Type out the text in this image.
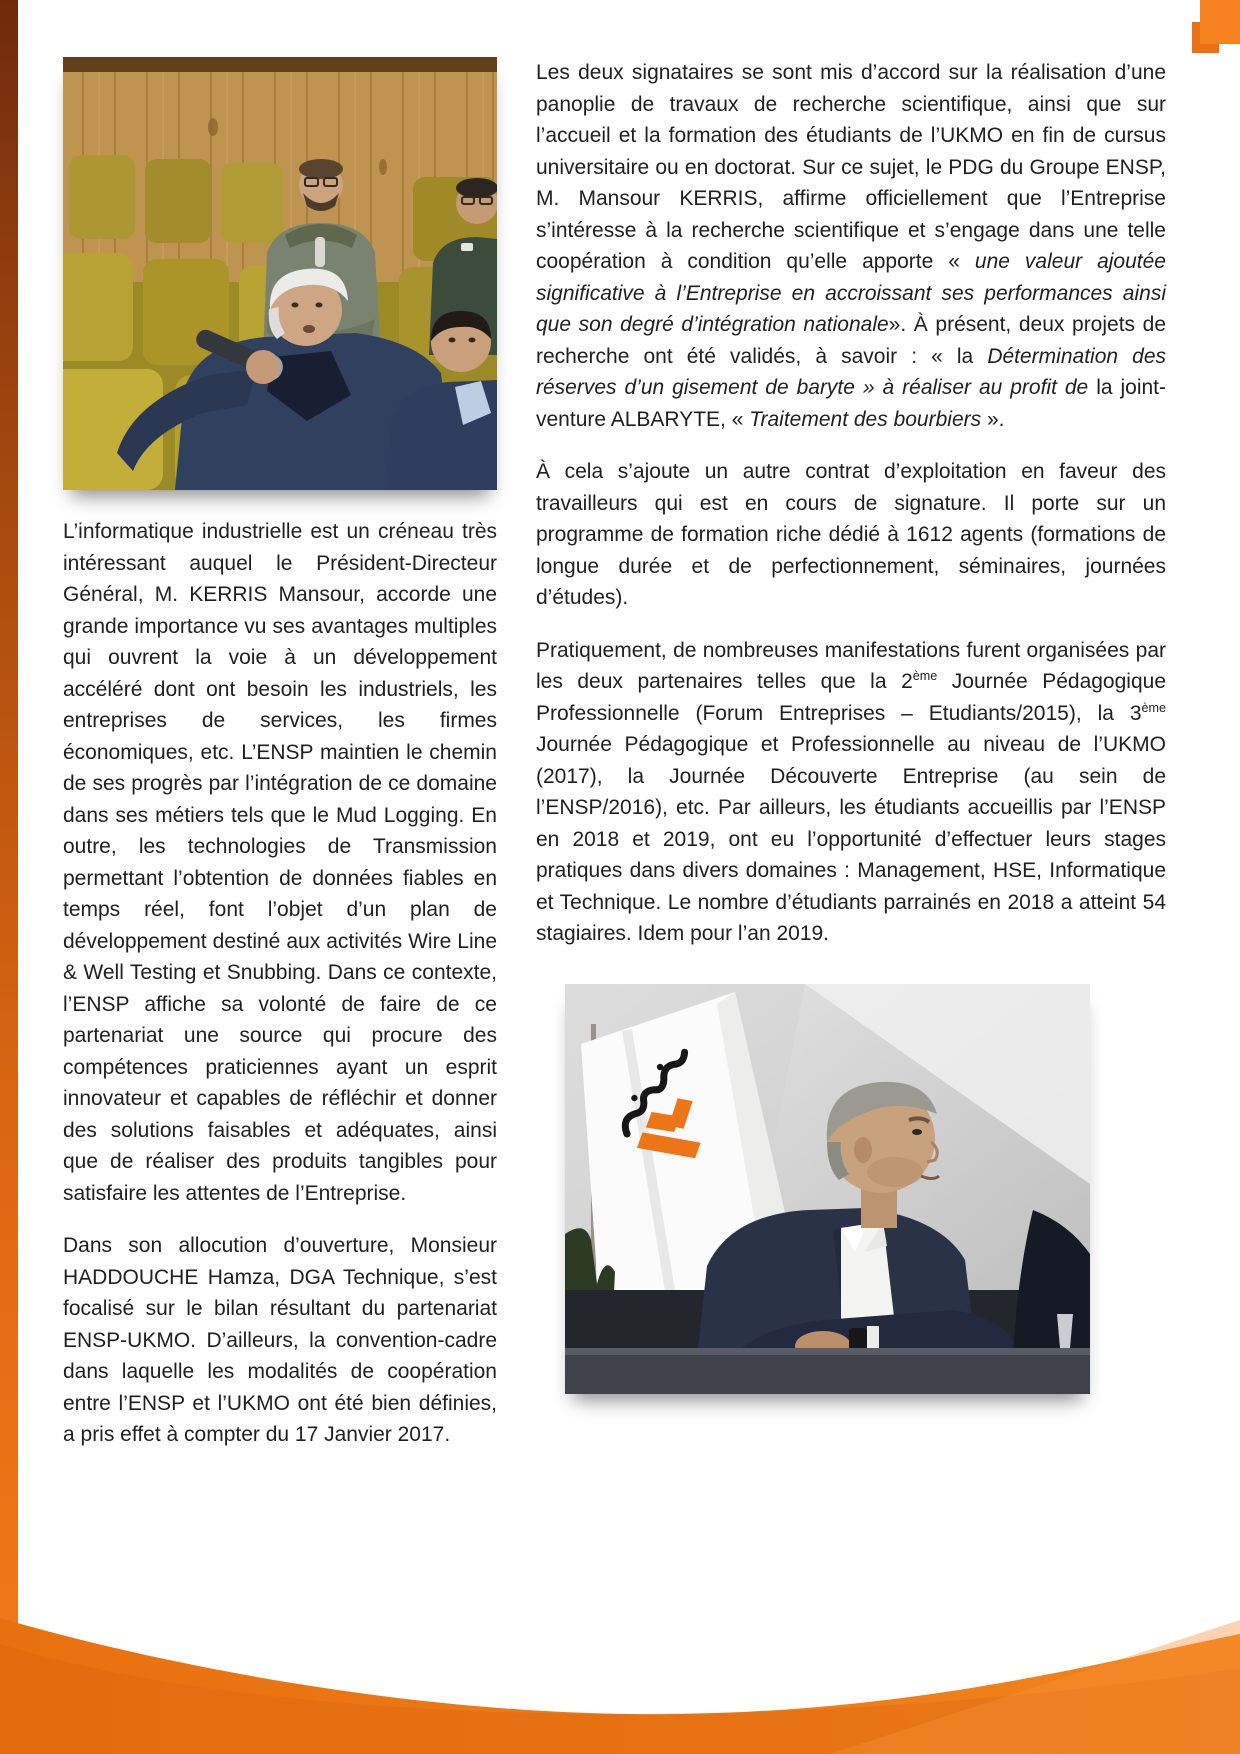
L’informatique industrielle est un créneau très intéressant auquel le Président-Directeur Général, M. KERRIS Mansour, accorde une grande importance vu ses avantages multiples qui ouvrent la voie à un développement accéléré dont ont besoin les industriels, les entreprises de services, les firmes économiques, etc. L’ENSP maintien le chemin de ses progrès par l’intégration de ce domaine dans ses métiers tels que le Mud Logging. En outre, les technologies de Transmission permettant l’obtention de données fiables en temps réel, font l’objet d’un plan de développement destiné aux activités Wire Line & Well Testing et Snubbing. Dans ce contexte, l’ENSP affiche sa volonté de faire de ce partenariat une source qui procure des compétences praticiennes ayant un esprit innovateur et capables de réfléchir et donner des solutions faisables et adéquates, ainsi que de réaliser des produits tangibles pour satisfaire les attentes de l’Entreprise.

Dans son allocution d’ouverture, Monsieur HADDOUCHE Hamza, DGA Technique, s’est focalisé sur le bilan résultant du partenariat ENSP-UKMO. D’ailleurs, la convention-cadre dans laquelle les modalités de coopération entre l’ENSP et l’UKMO ont été bien définies, a pris effet à compter du 17 Janvier 2017.

Les deux signataires se sont mis d’accord sur la réalisation d’une panoplie de travaux de recherche scientifique, ainsi que sur l’accueil et la formation des étudiants de l’UKMO en fin de cursus universitaire ou en doctorat. Sur ce sujet, le PDG du Groupe ENSP, M. Mansour KERRIS, affirme officiellement que l’Entreprise s’intéresse à la recherche scientifique et s’engage dans une telle coopération à condition qu’elle apporte « une valeur ajoutée significative à l’Entreprise en accroissant ses performances ainsi que son degré d’intégration nationale». À présent, deux projets de recherche ont été validés, à savoir : « la Détermination des réserves d’un gisement de baryte » à réaliser au profit de la joint-venture ALBARYTE, « Traitement des bourbiers ».

À cela s’ajoute un autre contrat d’exploitation en faveur des travailleurs qui est en cours de signature. Il porte sur un programme de formation riche dédié à 1612 agents (formations de longue durée et de perfectionnement, séminaires, journées d’études).

Pratiquement, de nombreuses manifestations furent organisées par les deux partenaires telles que la 2ème Journée Pédagogique Professionnelle (Forum Entreprises – Etudiants/2015), la 3ème Journée Pédagogique et Professionnelle au niveau de l’UKMO (2017), la Journée Découverte Entreprise (au sein de l’ENSP/2016), etc. Par ailleurs, les étudiants accueillis par l’ENSP en 2018 et 2019, ont eu l’opportunité d’effectuer leurs stages pratiques dans divers domaines : Management, HSE, Informatique et Technique. Le nombre d’étudiants parrainés en 2018 a atteint 54 stagiaires. Idem pour l’an 2019.
